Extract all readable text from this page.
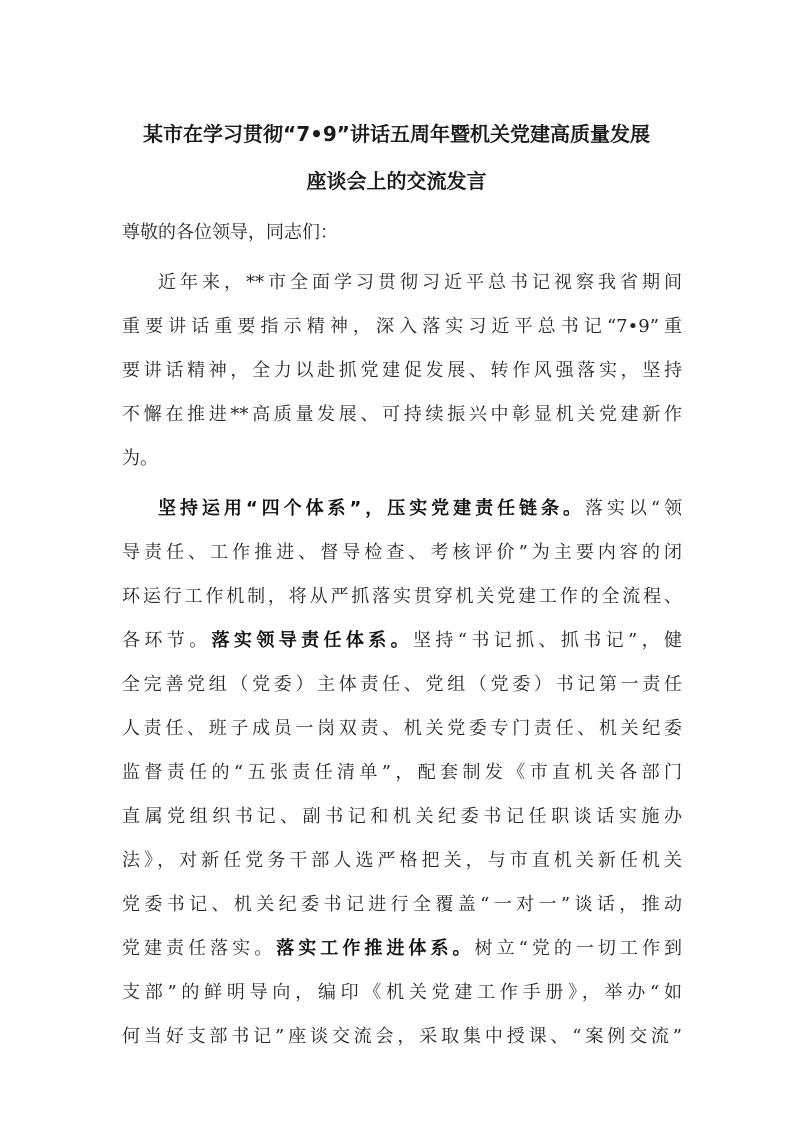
某市在学习贯彻“7•9”讲话五周年暨机关党建高质量发展
座谈会上的交流发言
尊敬的各位领导，同志们：
近年来，**市全面学习贯彻习近平总书记视察我省期间
重要讲话重要指示精神，深入落实习近平总书记“7•9”重
要讲话精神，全力以赴抓党建促发展、转作风强落实，坚持
不懈在推进**高质量发展、可持续振兴中彰显机关党建新作
为。
坚持运用“四个体系”，压实党建责任链条。落实以“领
导责任、工作推进、督导检查、考核评价”为主要内容的闭
环运行工作机制，将从严抓落实贯穿机关党建工作的全流程、
各环节。落实领导责任体系。坚持“书记抓、抓书记”，健
全完善党组（党委）主体责任、党组（党委）书记第一责任
人责任、班子成员一岗双责、机关党委专门责任、机关纪委
监督责任的“五张责任清单”，配套制发《市直机关各部门
直属党组织书记、副书记和机关纪委书记任职谈话实施办
法》，对新任党务干部人选严格把关，与市直机关新任机关
党委书记、机关纪委书记进行全覆盖“一对一”谈话，推动
党建责任落实。落实工作推进体系。树立“党的一切工作到
支部”的鲜明导向，编印《机关党建工作手册》，举办“如
何当好支部书记”座谈交流会，采取集中授课、“案例交流”
